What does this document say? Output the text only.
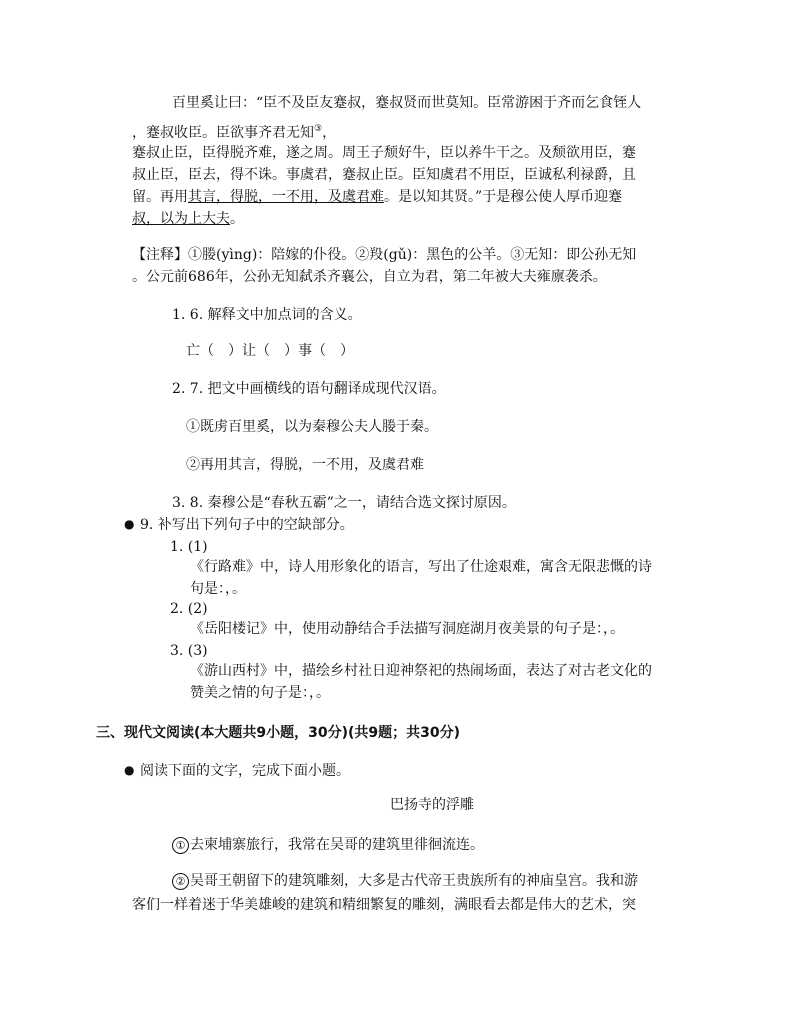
百里奚让曰：“臣不及臣友蹇叔，蹇叔贤而世莫知。臣常游困于齐而乞食铚人
，蹇叔收臣。臣欲事齐君无知③，
蹇叔止臣，臣得脱齐难，遂之周。周王子颓好牛，臣以养牛干之。及颓欲用臣，蹇
叔止臣，臣去，得不诛。事虞君，蹇叔止臣。臣知虞君不用臣，臣诚私利禄爵，且
留。再用其言，得脱，一不用，及虞君难。是以知其贤。”于是穆公使人厚币迎蹇
叔，以为上大夫。
【注释】①媵(yìng)：陪嫁的仆役。②羖(gǔ)：黑色的公羊。③无知：即公孙无知
。公元前686年，公孙无知弑杀齐襄公，自立为君，第二年被大夫雍廪袭杀。
1. 6. 解释文中加点词的含义。
亡（　）让（　）事（　）
2. 7. 把文中画横线的语句翻译成现代汉语。
①既虏百里奚，以为秦穆公夫人媵于秦。
②再用其言，得脱，一不用，及虞君难
3. 8. 秦穆公是“春秋五霸”之一，请结合选文探讨原因。
● 9. 补写出下列句子中的空缺部分。
1. (1)
《行路难》中，诗人用形象化的语言，写出了仕途艰难，寓含无限悲慨的诗
句是：，。
2. (2)
《岳阳楼记》中，使用动静结合手法描写洞庭湖月夜美景的句子是：，。
3. (3)
《游山西村》中，描绘乡村社日迎神祭祀的热闹场面，表达了对古老文化的
赞美之情的句子是：，。
三、现代文阅读(本大题共9小题，30分)(共9题；共30分)
● 阅读下面的文字，完成下面小题。
巴扬寺的浮雕
① 去柬埔寨旅行，我常在吴哥的建筑里徘徊流连。
② 吴哥王朝留下的建筑雕刻，大多是古代帝王贵族所有的神庙皇宫。我和游
客们一样着迷于华美雄峻的建筑和精细繁复的雕刻，满眼看去都是伟大的艺术，突
